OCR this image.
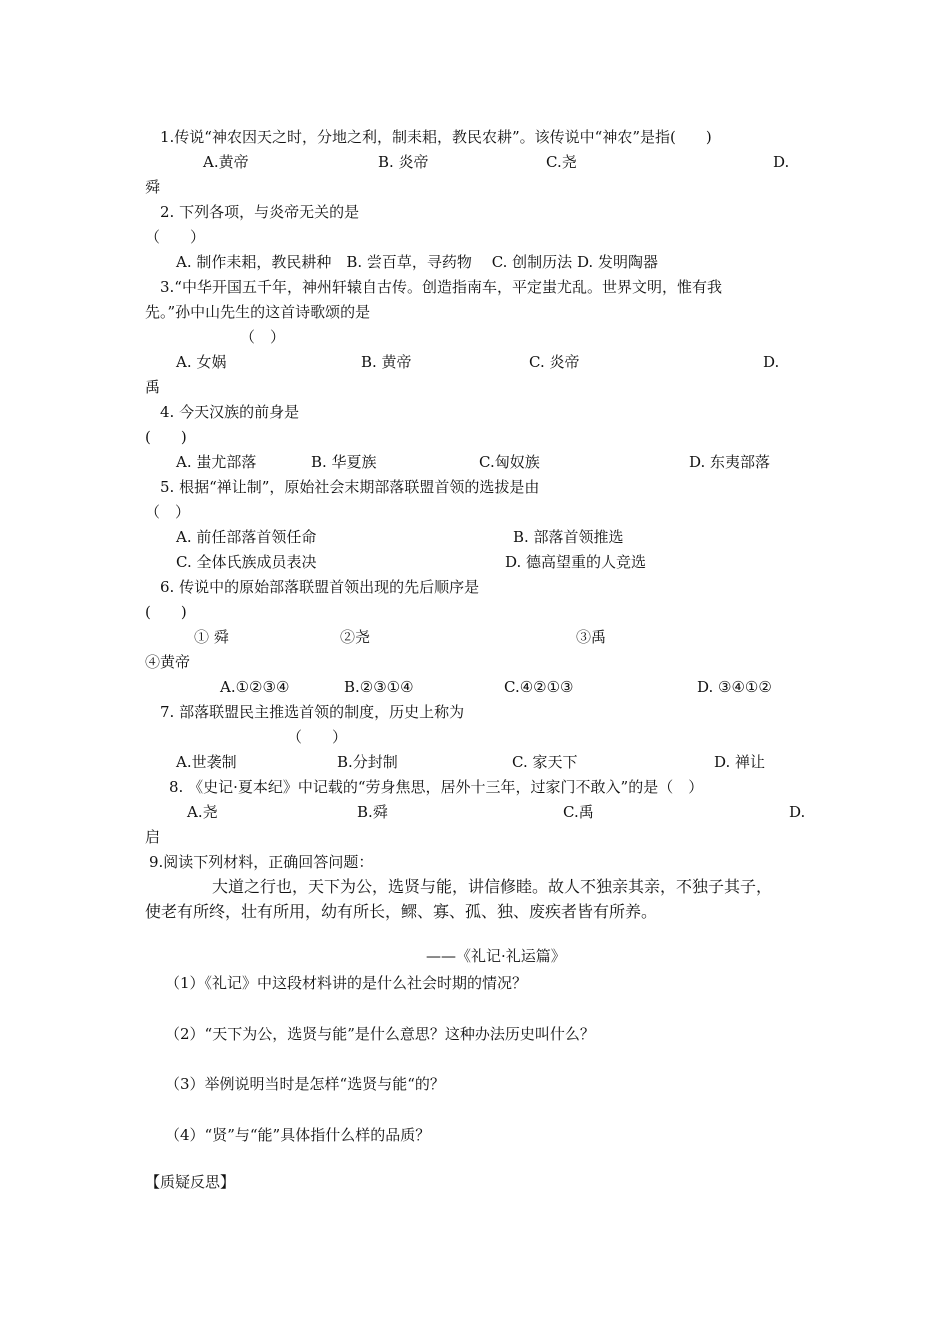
1.传说“神农因天之时，分地之利，制耒耜，教民农耕”。该传说中“神农”是指(　　)
A.黄帝	B. 炎帝	C.尧	D.
舜
2. 下列各项，与炎帝无关的是
（　　）
A. 制作耒耜，教民耕种　B. 尝百草，寻药物　 C. 创制历法 D. 发明陶器
3.“中华开国五千年，神州轩辕自古传。创造指南车，平定蚩尤乱。世界文明，惟有我
先。”孙中山先生的这首诗歌颂的是
（　）
A. 女娲	B. 黄帝	C. 炎帝	D.
禹
4. 今天汉族的前身是
(　　)
A. 蚩尤部落	B. 华夏族	C.匈奴族	D. 东夷部落
5. 根据“禅让制”，原始社会末期部落联盟首领的选拔是由
（　）
A. 前任部落首领任命	B. 部落首领推选
C. 全体氏族成员表决	D. 德高望重的人竞选
6. 传说中的原始部落联盟首领出现的先后顺序是
(　　)
① 舜	②尧	③禹
④黄帝
A.①②③④	B.②③①④	C.④②①③	D. ③④①②
7. 部落联盟民主推选首领的制度，历史上称为
（　　）
A.世袭制	B.分封制	C. 家天下	D. 禅让
8. 《史记·夏本纪》中记载的“劳身焦思，居外十三年，过家门不敢入”的是（　）
A.尧	B.舜	C.禹	D.
启
9.阅读下列材料，正确回答问题：
大道之行也，天下为公，选贤与能，讲信修睦。故人不独亲其亲，不独子其子，
使老有所终，壮有所用，幼有所长，鳏、寡、孤、独、废疾者皆有所养。
——《礼记·礼运篇》
（1）《礼记》中这段材料讲的是什么社会时期的情况？
（2）“天下为公，选贤与能”是什么意思？这种办法历史叫什么？
（3）举例说明当时是怎样“选贤与能“的？
（4）“贤”与“能”具体指什么样的品质？
【质疑反思】
